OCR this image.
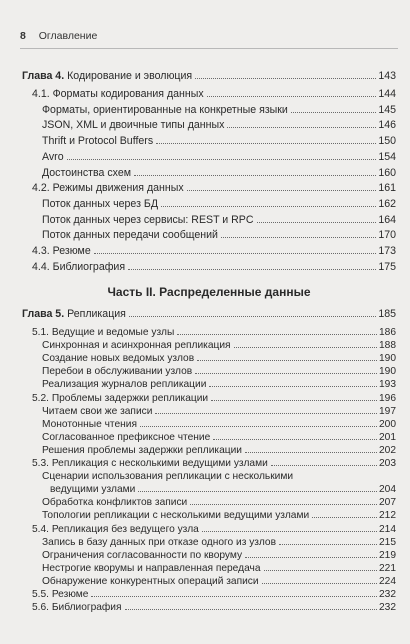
8 Оглавление
Глава 4. Кодирование и эволюция	143
4.1. Форматы кодирования данных	144
Форматы, ориентированные на конкретные языки	145
JSON, XML и двоичные типы данных	146
Thrift и Protocol Buffers	150
Avro	154
Достоинства схем	160
4.2. Режимы движения данных	161
Поток данных через БД	162
Поток данных через сервисы: REST и RPC	164
Поток данных передачи сообщений	170
4.3. Резюме	173
4.4. Библиография	175
Часть II. Распределенные данные
Глава 5. Репликация	185
5.1. Ведущие и ведомые узлы	186
Синхронная и асинхронная репликация	188
Создание новых ведомых узлов	190
Перебои в обслуживании узлов	190
Реализация журналов репликации	193
5.2. Проблемы задержки репликации	196
Читаем свои же записи	197
Монотонные чтения	200
Согласованное префиксное чтение	201
Решения проблемы задержки репликации	202
5.3. Репликация с несколькими ведущими узлами	203
Сценарии использования репликации с несколькими
ведущими узлами	204
Обработка конфликтов записи	207
Топологии репликации с несколькими ведущими узлами	212
5.4. Репликация без ведущего узла	214
Запись в базу данных при отказе одного из узлов	215
Ограничения согласованности по кворуму	219
Нестрогие кворумы и направленная передача	221
Обнаружение конкурентных операций записи	224
5.5. Резюме	232
5.6. Библиография	232
